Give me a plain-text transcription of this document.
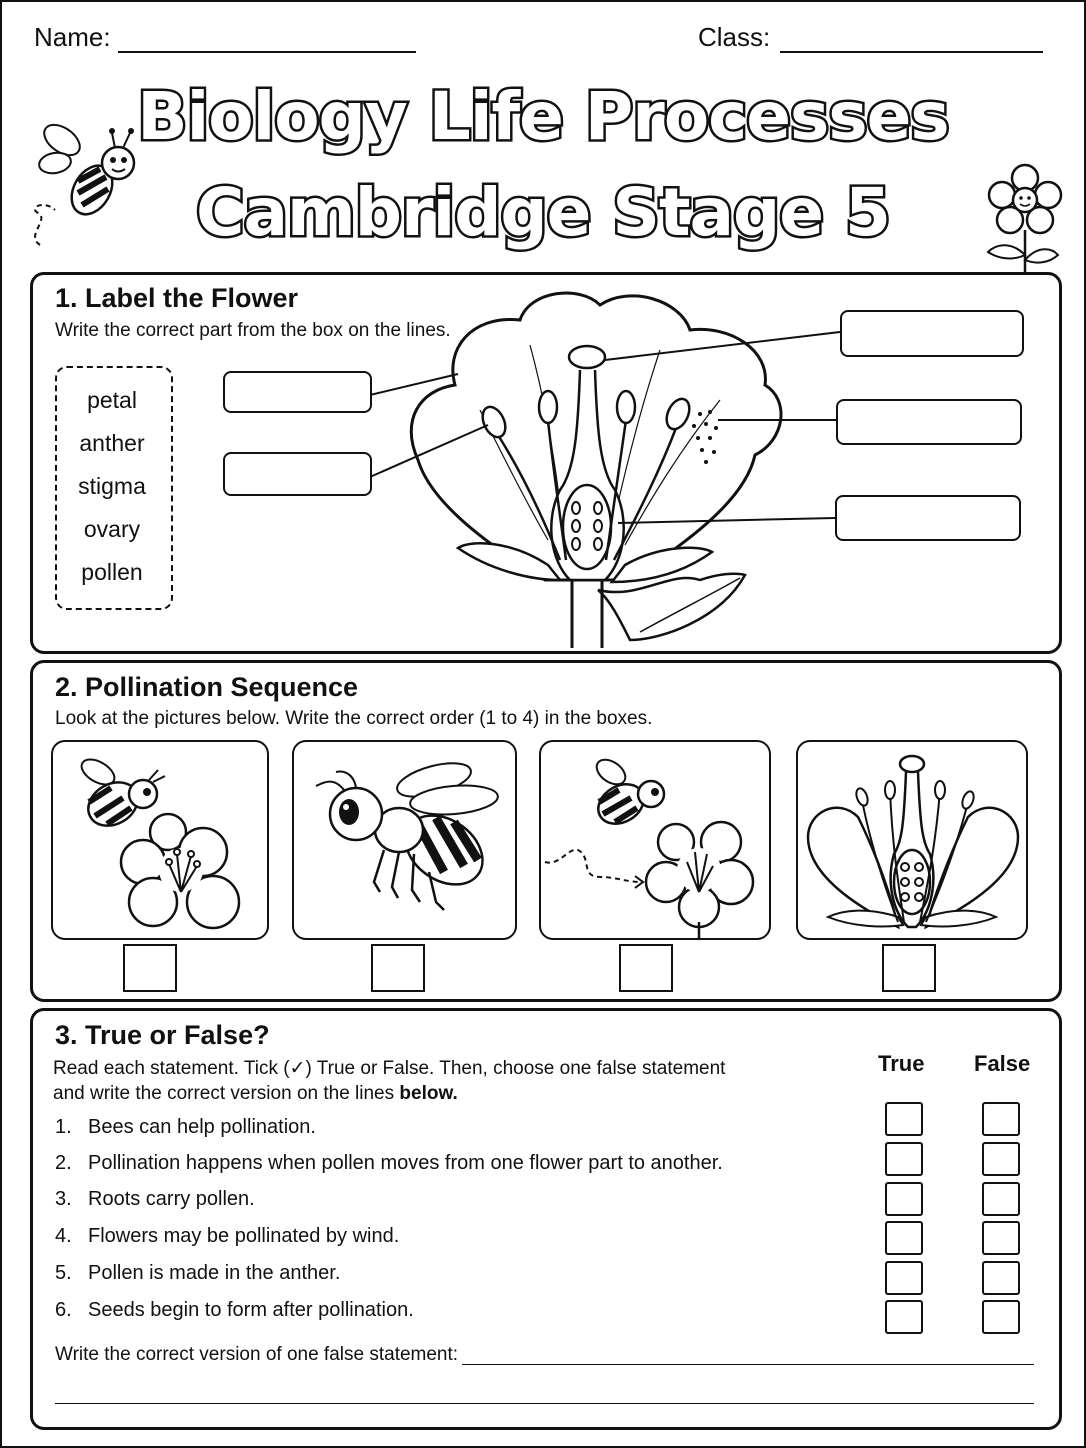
Name:	Class:
Biology Life Processes
Cambridge Stage 5
1. Label the Flower
Write the correct part from the box on the lines.
petal
anther
stigma
ovary
pollen
2. Pollination Sequence
Look at the pictures below. Write the correct order (1 to 4) in the boxes.
3. True or False?
Read each statement. Tick (✓) True or False. Then, choose one false statement
and write the correct version on the lines below.
True False
1. Bees can help pollination.
2. Pollination happens when pollen moves from one flower part to another.
3. Roots carry pollen.
4. Flowers may be pollinated by wind.
5. Pollen is made in the anther.
6. Seeds begin to form after pollination.
Write the correct version of one false statement:
